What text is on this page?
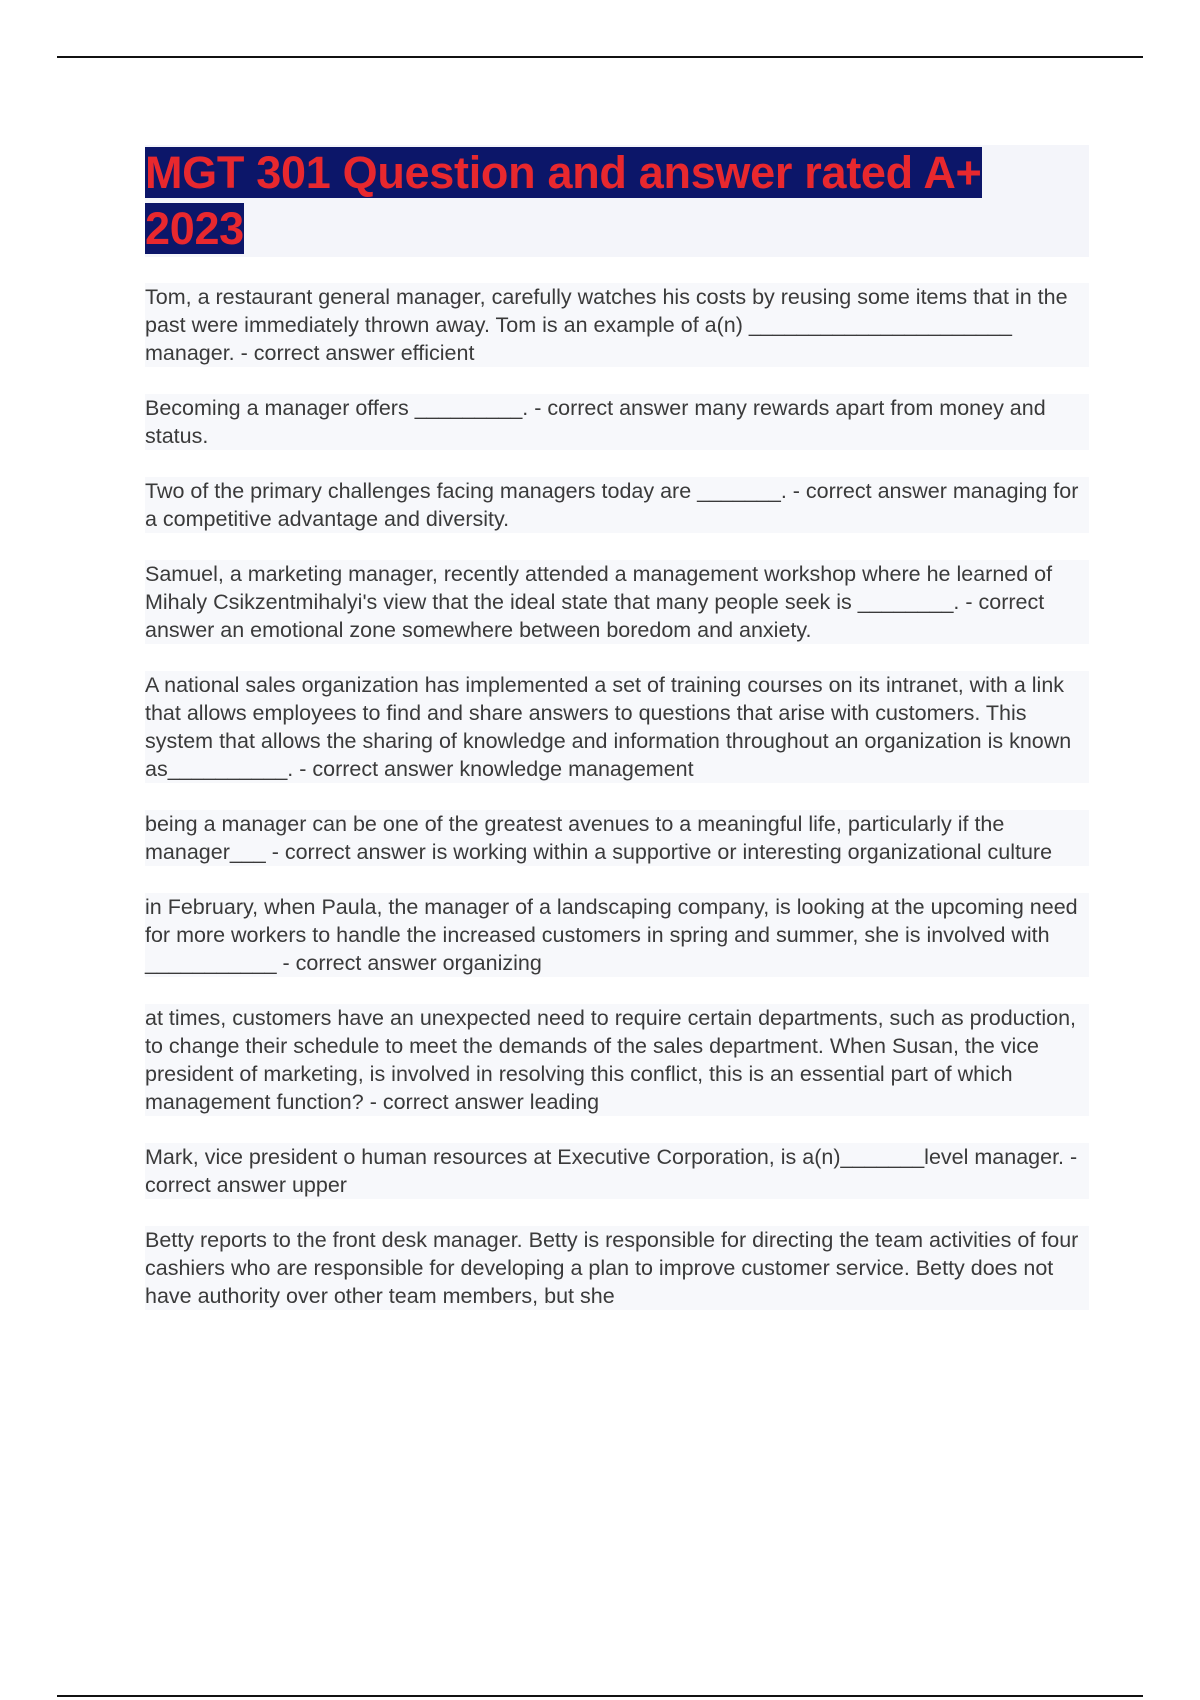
MGT 301 Question and answer rated A+
2023

Tom, a restaurant general manager, carefully watches his costs by reusing some items that in the past were immediately thrown away. Tom is an example of a(n) ______________________ manager. - correct answer efficient

Becoming a manager offers _________. - correct answer many rewards apart from money and status.

Two of the primary challenges facing managers today are _______. - correct answer managing for a competitive advantage and diversity.

Samuel, a marketing manager, recently attended a management workshop where he learned of Mihaly Csikzentmihalyi's view that the ideal state that many people seek is ________. - correct answer an emotional zone somewhere between boredom and anxiety.

A national sales organization has implemented a set of training courses on its intranet, with a link that allows employees to find and share answers to questions that arise with customers. This system that allows the sharing of knowledge and information throughout an organization is known as__________. - correct answer knowledge management

being a manager can be one of the greatest avenues to a meaningful life, particularly if the manager___ - correct answer is working within a supportive or interesting organizational culture

in February, when Paula, the manager of a landscaping company, is looking at the upcoming need for more workers to handle the increased customers in spring and summer, she is involved with ___________ - correct answer organizing

at times, customers have an unexpected need to require certain departments, such as production, to change their schedule to meet the demands of the sales department. When Susan, the vice president of marketing, is involved in resolving this conflict, this is an essential part of which management function? - correct answer leading

Mark, vice president o human resources at Executive Corporation, is a(n)_______level manager. - correct answer upper

Betty reports to the front desk manager. Betty is responsible for directing the team activities of four cashiers who are responsible for developing a plan to improve customer service. Betty does not have authority over other team members, but she
